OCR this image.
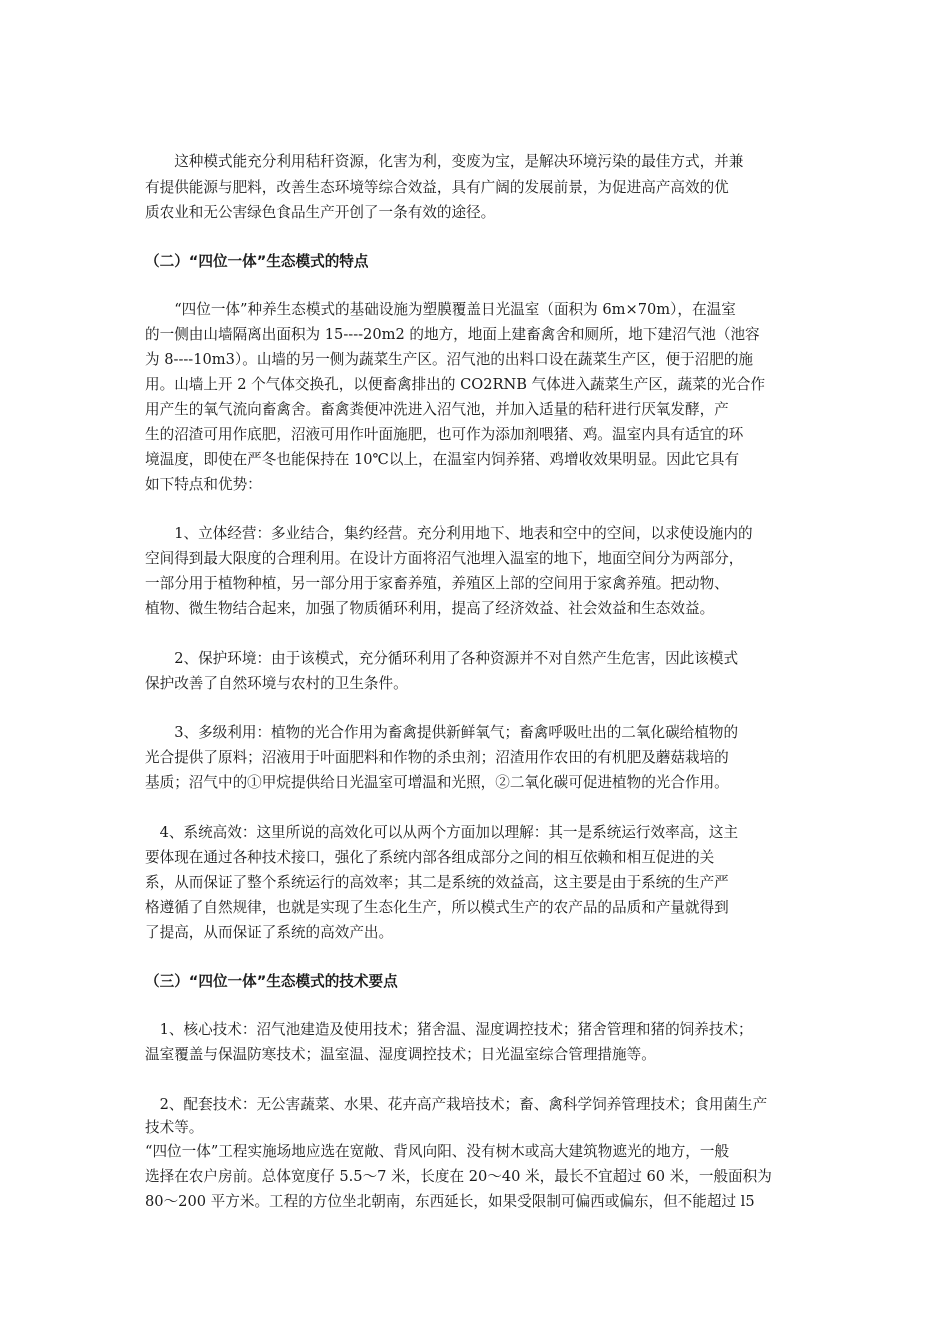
　　这种模式能充分利用秸秆资源，化害为利，变废为宝，是解决环境污染的最佳方式，并兼
有提供能源与肥料，改善生态环境等综合效益，具有广阔的发展前景，为促进高产高效的优
质农业和无公害绿色食品生产开创了一条有效的途径。
（二）“四位一体”生态模式的特点
　　“四位一体”种养生态模式的基础设施为塑膜覆盖日光温室（面积为 6m×70m），在温室
的一侧由山墙隔离出面积为 15----20m2 的地方，地面上建畜禽舍和厕所，地下建沼气池（池容
为 8----10m3）。山墙的另一侧为蔬菜生产区。沼气池的出料口设在蔬菜生产区，便于沼肥的施
用。山墙上开 2 个气体交换孔，以便畜禽排出的 CO2RNB 气体进入蔬菜生产区，蔬菜的光合作
用产生的氧气流向畜禽舍。畜禽粪便冲洗进入沼气池，并加入适量的秸秆进行厌氧发酵，产
生的沼渣可用作底肥，沼液可用作叶面施肥，也可作为添加剂喂猪、鸡。温室内具有适宜的环
境温度，即使在严冬也能保持在 10℃以上，在温室内饲养猪、鸡增收效果明显。因此它具有
如下特点和优势：
　　1、立体经营：多业结合，集约经营。充分利用地下、地表和空中的空间，以求使设施内的
空间得到最大限度的合理利用。在设计方面将沼气池埋入温室的地下，地面空间分为两部分，
一部分用于植物种植，另一部分用于家畜养殖，养殖区上部的空间用于家禽养殖。把动物、
植物、微生物结合起来，加强了物质循环利用，提高了经济效益、社会效益和生态效益。
　　2、保护环境：由于该模式，充分循环利用了各种资源并不对自然产生危害，因此该模式
保护改善了自然环境与农村的卫生条件。
　　3、多级利用：植物的光合作用为畜禽提供新鲜氧气；畜禽呼吸吐出的二氧化碳给植物的
光合提供了原料；沼液用于叶面肥料和作物的杀虫剂；沼渣用作农田的有机肥及蘑菇栽培的
基质；沼气中的①甲烷提供给日光温室可增温和光照，②二氧化碳可促进植物的光合作用。
　4、系统高效：这里所说的高效化可以从两个方面加以理解：其一是系统运行效率高，这主
要体现在通过各种技术接口，强化了系统内部各组成部分之间的相互依赖和相互促进的关
系，从而保证了整个系统运行的高效率；其二是系统的效益高，这主要是由于系统的生产严
格遵循了自然规律，也就是实现了生态化生产，所以模式生产的农产品的品质和产量就得到
了提高，从而保证了系统的高效产出。
（三）“四位一体”生态模式的技术要点
　1、核心技术：沼气池建造及使用技术；猪舍温、湿度调控技术；猪舍管理和猪的饲养技术；
温室覆盖与保温防寒技术；温室温、湿度调控技术；日光温室综合管理措施等。
　2、配套技术：无公害蔬菜、水果、花卉高产栽培技术；畜、禽科学饲养管理技术；食用菌生产
技术等。
“四位一体”工程实施场地应选在宽敞、背风向阳、没有树木或高大建筑物遮光的地方，一般
选择在农户房前。总体宽度仔 5.5～7 米，长度在 20～40 米，最长不宜超过 60 米，一般面积为
80～200 平方米。工程的方位坐北朝南，东西延长，如果受限制可偏西或偏东，但不能超过 l5
